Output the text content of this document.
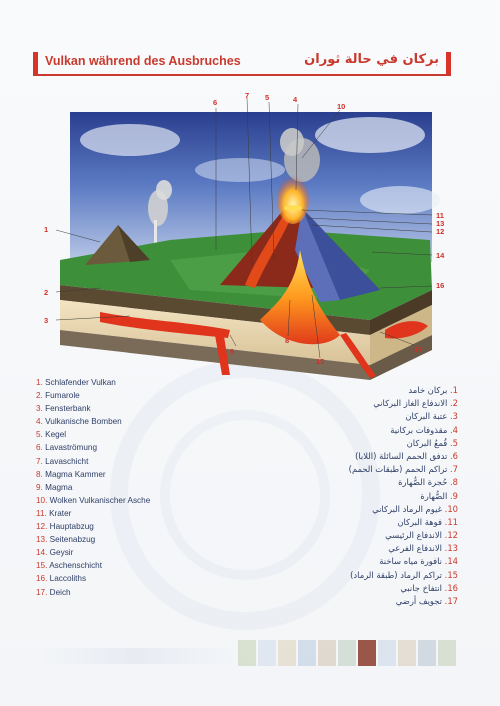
Vulkan während des Ausbruches	بركان في حالة ثوران
1
2
3
4
5
6
7
8
9
10
11
12
13
14
15
16
17
1. Schlafender Vulkan
2. Fumarole
3. Fensterbank
4. Vulkanische Bomben
5. Kegel
6. Lavaströmung
7. Lavaschicht
8. Magma Kammer
9. Magma
10. Wolken Vulkanischer Asche
11. Krater
12. Hauptabzug
13. Seitenabzug
14. Geysir
15. Aschenschicht
16. Laccoliths
17. Deich
1. بركان خامد
2. الاندفاع الغاز البركاني
3. عتبة البركان
4. مقذوفات بركانية
5. قُمعُ البركان
6. تدفق الحمم السائلة (اللابا)
7. تراكم الحمم (طبقات الحمم)
8. حُجرة الصُّهارة
9. الصُّهارة
10. غيوم الرماد البركاني
11. فوهة البركان
12. الاندفاع الرئيسي
13. الاندفاع الفرعي
14. نافورة مياه ساخنة
15. تراكم الرماد (طبقة الرماد)
16. انتفاخ جانبي
17. تجويف أرضي
